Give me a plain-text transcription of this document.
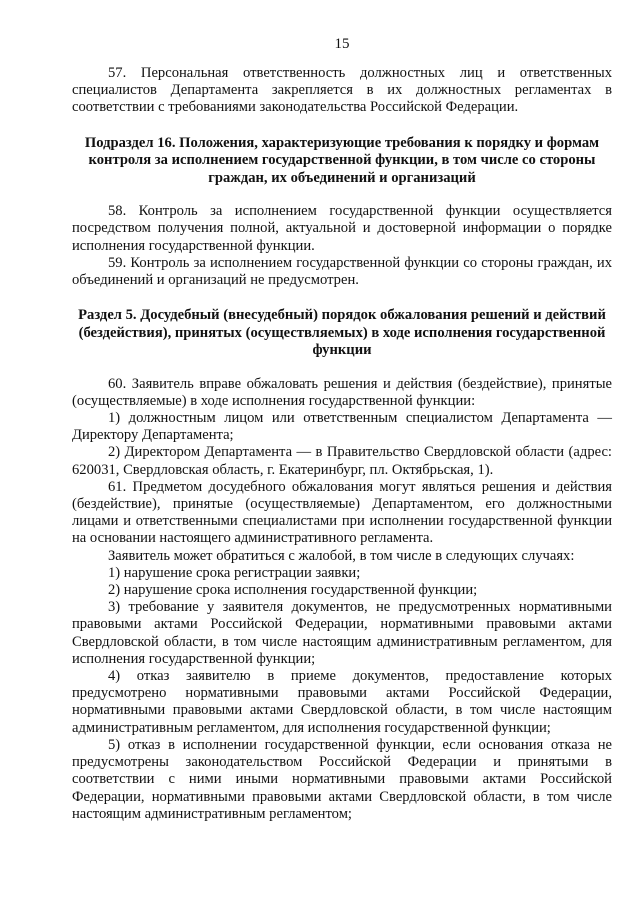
15

57. Персональная ответственность должностных лиц и ответственных специалистов Департамента закрепляется в их должностных регламентах в соответствии с требованиями законодательства Российской Федерации.

Подраздел 16. Положения, характеризующие требования к порядку и формам контроля за исполнением государственной функции, в том числе со стороны граждан, их объединений и организаций

58. Контроль за исполнением государственной функции осуществляется посредством получения полной, актуальной и достоверной информации о порядке исполнения государственной функции.

59. Контроль за исполнением государственной функции со стороны граждан, их объединений и организаций не предусмотрен.

Раздел 5. Досудебный (внесудебный) порядок обжалования решений и действий (бездействия), принятых (осуществляемых) в ходе исполнения государственной функции

60. Заявитель вправе обжаловать решения и действия (бездействие), принятые (осуществляемые) в ходе исполнения государственной функции:

1) должностным лицом или ответственным специалистом Департамента — Директору Департамента;

2) Директором Департамента — в Правительство Свердловской области (адрес: 620031, Свердловская область, г. Екатеринбург, пл. Октябрьская, 1).

61. Предметом досудебного обжалования могут являться решения и действия (бездействие), принятые (осуществляемые) Департаментом, его должностными лицами и ответственными специалистами при исполнении государственной функции на основании настоящего административного регламента.

Заявитель может обратиться с жалобой, в том числе в следующих случаях:

1) нарушение срока регистрации заявки;

2) нарушение срока исполнения государственной функции;

3) требование у заявителя документов, не предусмотренных нормативными правовыми актами Российской Федерации, нормативными правовыми актами Свердловской области, в том числе настоящим административным регламентом, для исполнения государственной функции;

4) отказ заявителю в приеме документов, предоставление которых предусмотрено нормативными правовыми актами Российской Федерации, нормативными правовыми актами Свердловской области, в том числе настоящим административным регламентом, для исполнения государственной функции;

5) отказ в исполнении государственной функции, если основания отказа не предусмотрены законодательством Российской Федерации и принятыми в соответствии с ними иными нормативными правовыми актами Российской Федерации, нормативными правовыми актами Свердловской области, в том числе настоящим административным регламентом;
